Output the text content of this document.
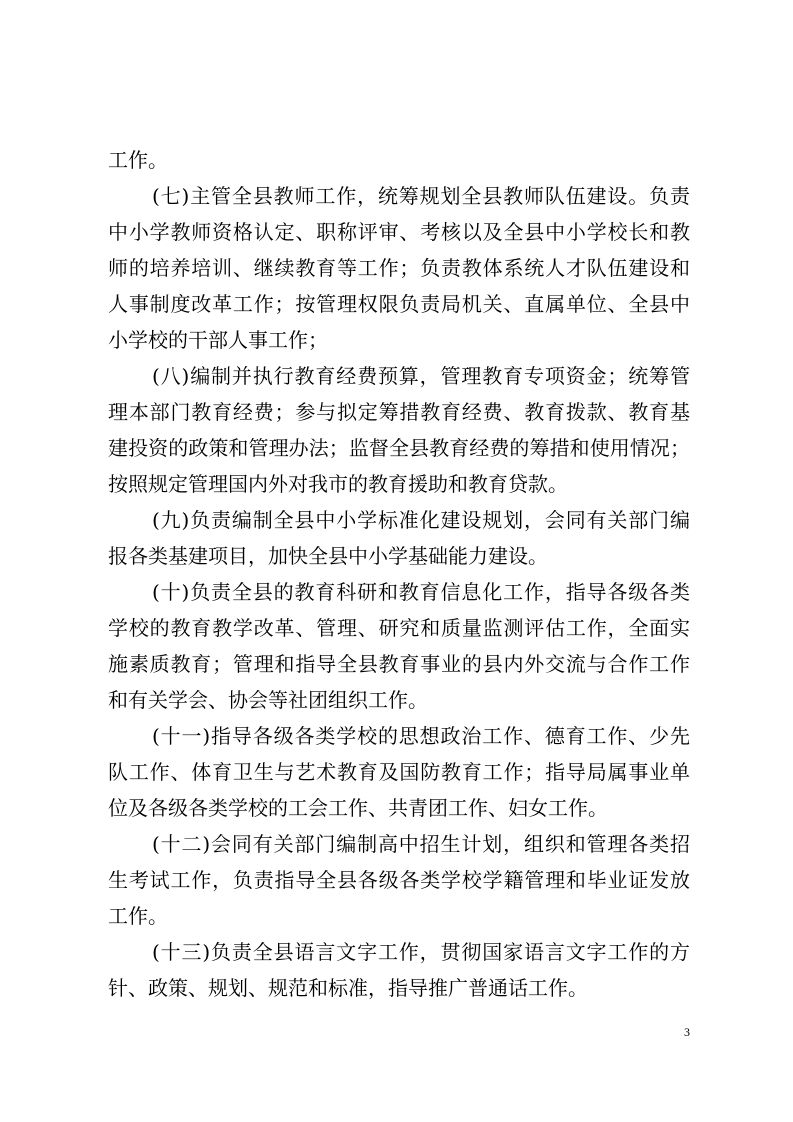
工作。
(七)主管全县教师工作，统筹规划全县教师队伍建设。负责
中小学教师资格认定、职称评审、考核以及全县中小学校长和教
师的培养培训、继续教育等工作；负责教体系统人才队伍建设和
人事制度改革工作；按管理权限负责局机关、直属单位、全县中
小学校的干部人事工作；
(八)编制并执行教育经费预算，管理教育专项资金；统筹管
理本部门教育经费；参与拟定筹措教育经费、教育拨款、教育基
建投资的政策和管理办法；监督全县教育经费的筹措和使用情况；
按照规定管理国内外对我市的教育援助和教育贷款。
(九)负责编制全县中小学标准化建设规划，会同有关部门编
报各类基建项目，加快全县中小学基础能力建设。
(十)负责全县的教育科研和教育信息化工作，指导各级各类
学校的教育教学改革、管理、研究和质量监测评估工作，全面实
施素质教育；管理和指导全县教育事业的县内外交流与合作工作
和有关学会、协会等社团组织工作。
(十一)指导各级各类学校的思想政治工作、德育工作、少先
队工作、体育卫生与艺术教育及国防教育工作；指导局属事业单
位及各级各类学校的工会工作、共青团工作、妇女工作。
(十二)会同有关部门编制高中招生计划，组织和管理各类招
生考试工作，负责指导全县各级各类学校学籍管理和毕业证发放
工作。
(十三)负责全县语言文字工作，贯彻国家语言文字工作的方
针、政策、规划、规范和标准，指导推广普通话工作。
3
